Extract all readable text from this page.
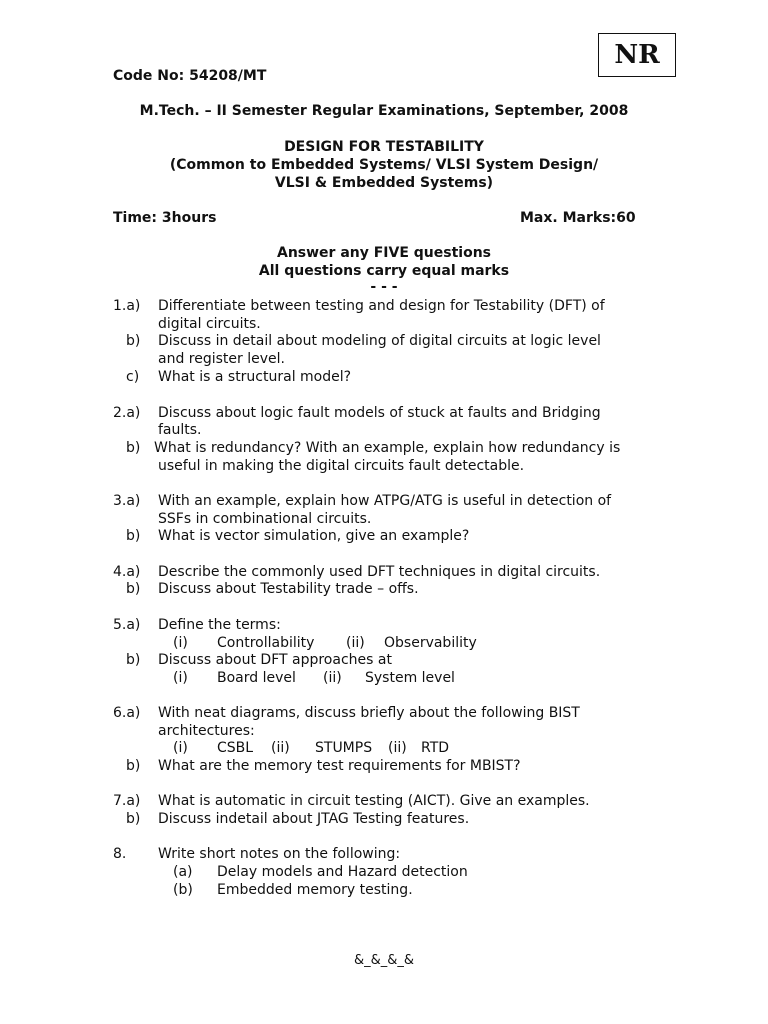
NR
Code No: 54208/MT
M.Tech. – II Semester Regular Examinations, September, 2008
DESIGN FOR TESTABILITY
(Common to Embedded Systems/ VLSI System Design/
VLSI & Embedded Systems)
Time: 3hours	Max. Marks:60
Answer any FIVE questions
All questions carry equal marks
- - -
1.a) Differentiate between testing and design for Testability (DFT) of
digital circuits.
b) Discuss in detail about modeling of digital circuits at logic level
and register level.
c) What is a structural model?
2.a) Discuss about logic fault models of stuck at faults and Bridging
faults.
b) What is redundancy? With an example, explain how redundancy is
useful in making the digital circuits fault detectable.
3.a) With an example, explain how ATPG/ATG is useful in detection of
SSFs in combinational circuits.
b) What is vector simulation, give an example?
4.a) Describe the commonly used DFT techniques in digital circuits.
b) Discuss about Testability trade – offs.
5.a) Define the terms:
(i) Controllability (ii) Observability
b) Discuss about DFT approaches at
(i) Board level (ii) System level
6.a) With neat diagrams, discuss briefly about the following BIST
architectures:
(i) CSBL (ii) STUMPS (ii) RTD
b) What are the memory test requirements for MBIST?
7.a) What is automatic in circuit testing (AICT). Give an examples.
b) Discuss indetail about JTAG Testing features.
8. Write short notes on the following:
(a) Delay models and Hazard detection
(b) Embedded memory testing.
&_&_&_&
